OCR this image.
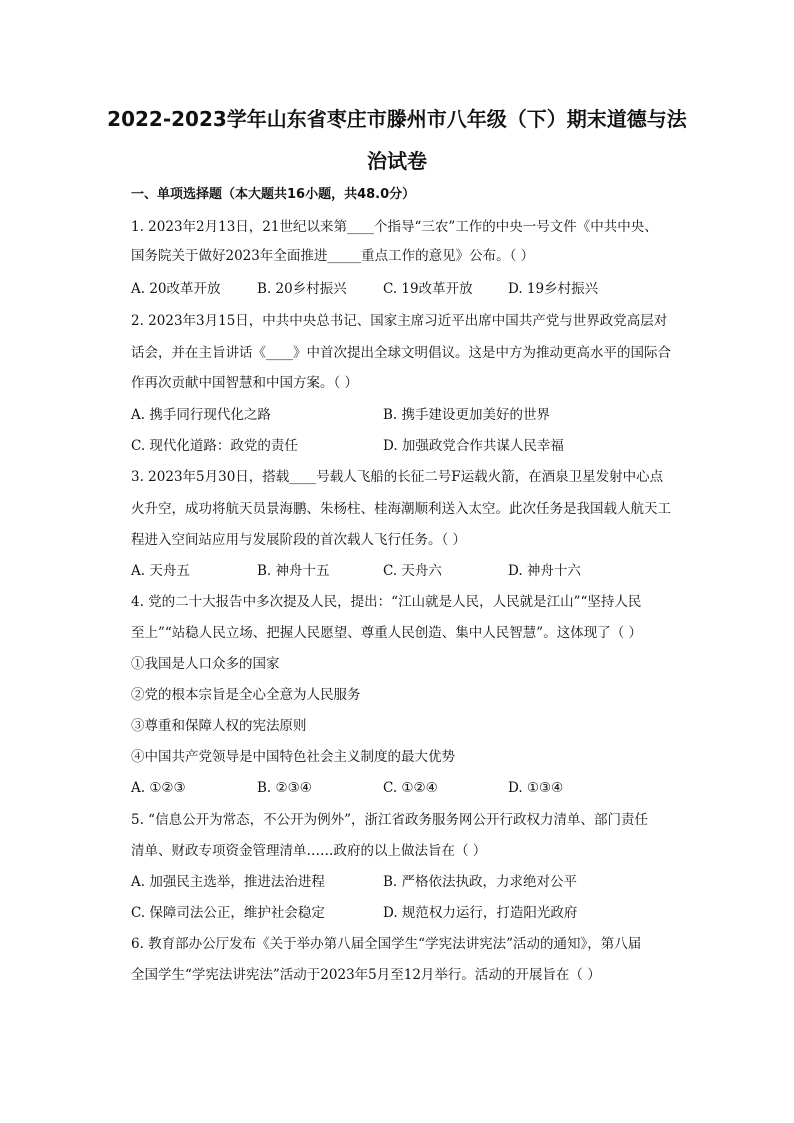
2022-2023学年山东省枣庄市滕州市八年级（下）期末道德与法
治试卷
一、单项选择题（本大题共16小题，共48.0分）
1. 2023年2月13日，21世纪以来第____个指导“三农”工作的中央一号文件《中共中央、
国务院关于做好2023年全面推进_____重点工作的意见》公布。（ ）
A. 20改革开放	B. 20乡村振兴	C. 19改革开放	D. 19乡村振兴
2. 2023年3月15日，中共中央总书记、国家主席习近平出席中国共产党与世界政党高层对
话会，并在主旨讲话《____》中首次提出全球文明倡议。这是中方为推动更高水平的国际合
作再次贡献中国智慧和中国方案。（ ）
A. 携手同行现代化之路	B. 携手建设更加美好的世界
C. 现代化道路：政党的责任	D. 加强政党合作共谋人民幸福
3. 2023年5月30日，搭载____号载人飞船的长征二号F运载火箭，在酒泉卫星发射中心点
火升空，成功将航天员景海鹏、朱杨柱、桂海潮顺利送入太空。此次任务是我国载人航天工
程进入空间站应用与发展阶段的首次载人飞行任务。（ ）
A. 天舟五	B. 神舟十五	C. 天舟六	D. 神舟十六
4. 党的二十大报告中多次提及人民，提出：“江山就是人民，人民就是江山”“坚持人民
至上”“站稳人民立场、把握人民愿望、尊重人民创造、集中人民智慧”。这体现了（ ）
①我国是人口众多的国家
②党的根本宗旨是全心全意为人民服务
③尊重和保障人权的宪法原则
④中国共产党领导是中国特色社会主义制度的最大优势
A. ①②③	B. ②③④	C. ①②④	D. ①③④
5. “信息公开为常态，不公开为例外”，浙江省政务服务网公开行政权力清单、部门责任
清单、财政专项资金管理清单……政府的以上做法旨在（ ）
A. 加强民主选举，推进法治进程	B. 严格依法执政，力求绝对公平
C. 保障司法公正，维护社会稳定	D. 规范权力运行，打造阳光政府
6. 教育部办公厅发布《关于举办第八届全国学生“学宪法讲宪法”活动的通知》，第八届
全国学生“学宪法讲宪法”活动于2023年5月至12月举行。活动的开展旨在（ ）
